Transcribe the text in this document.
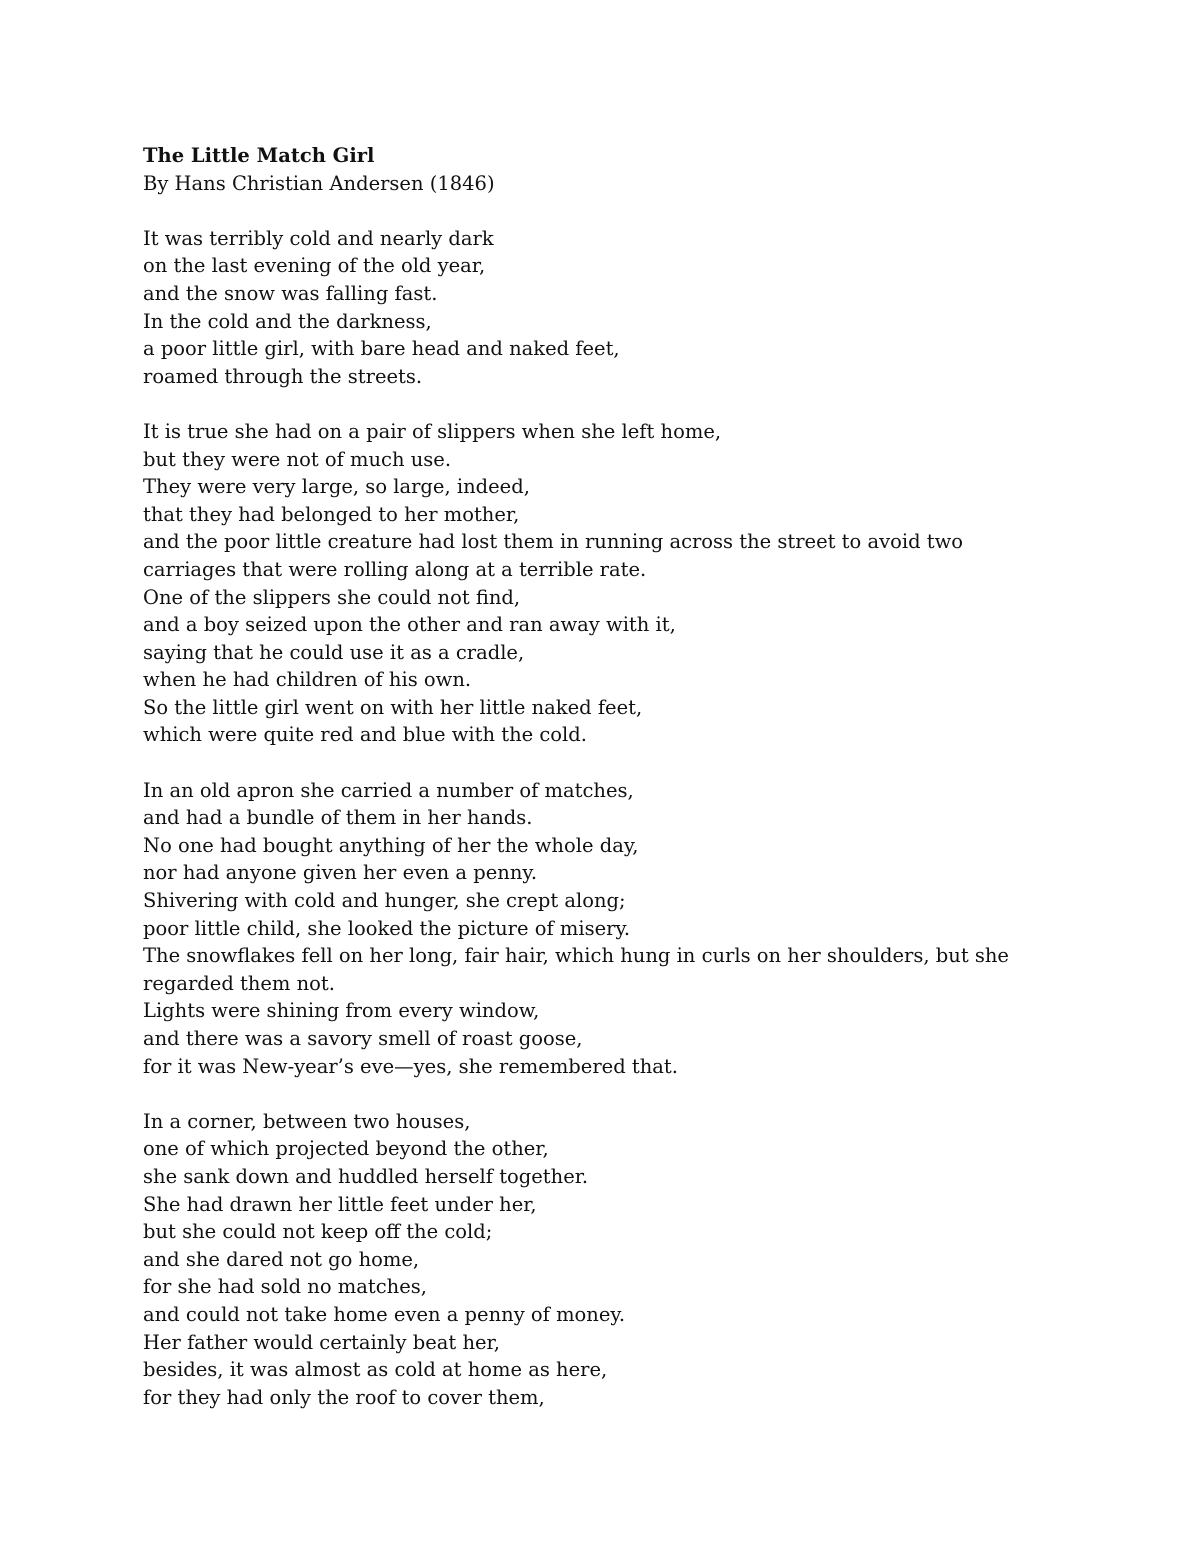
The Little Match Girl
By Hans Christian Andersen (1846)
It was terribly cold and nearly dark
on the last evening of the old year,
and the snow was falling fast.
In the cold and the darkness,
a poor little girl, with bare head and naked feet,
roamed through the streets.
It is true she had on a pair of slippers when she left home,
but they were not of much use.
They were very large, so large, indeed,
that they had belonged to her mother,
and the poor little creature had lost them in running across the street to avoid two
carriages that were rolling along at a terrible rate.
One of the slippers she could not find,
and a boy seized upon the other and ran away with it,
saying that he could use it as a cradle,
when he had children of his own.
So the little girl went on with her little naked feet,
which were quite red and blue with the cold.
In an old apron she carried a number of matches,
and had a bundle of them in her hands.
No one had bought anything of her the whole day,
nor had anyone given her even a penny.
Shivering with cold and hunger, she crept along;
poor little child, she looked the picture of misery.
The snowflakes fell on her long, fair hair, which hung in curls on her shoulders, but she
regarded them not.
Lights were shining from every window,
and there was a savory smell of roast goose,
for it was New-year’s eve—yes, she remembered that.
In a corner, between two houses,
one of which projected beyond the other,
she sank down and huddled herself together.
She had drawn her little feet under her,
but she could not keep off the cold;
and she dared not go home,
for she had sold no matches,
and could not take home even a penny of money.
Her father would certainly beat her,
besides, it was almost as cold at home as here,
for they had only the roof to cover them,
